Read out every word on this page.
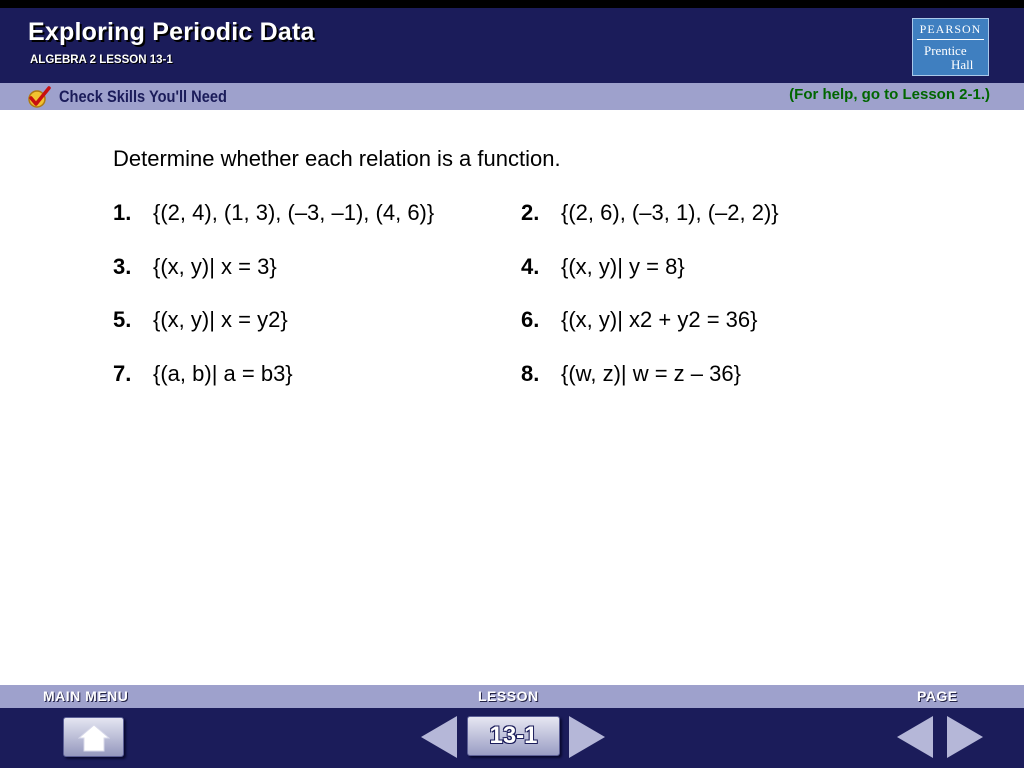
Exploring Periodic Data
ALGEBRA 2 LESSON 13-1
PEARSON
Prentice
Hall
Check Skills You'll Need	(For help, go to Lesson 2-1.)
Determine whether each relation is a function.
1. {(2, 4), (1, 3), (–3, –1), (4, 6)}	2. {(2, 6), (–3, 1), (–2, 2)}
3. {(x, y)| x = 3}	4. {(x, y)| y = 8}
5. {(x, y)| x = y2}	6. {(x, y)| x2 + y2 = 36}
7. {(a, b)| a = b3}	8. {(w, z)| w = z – 36}
MAIN MENU	LESSON	PAGE
13-1
